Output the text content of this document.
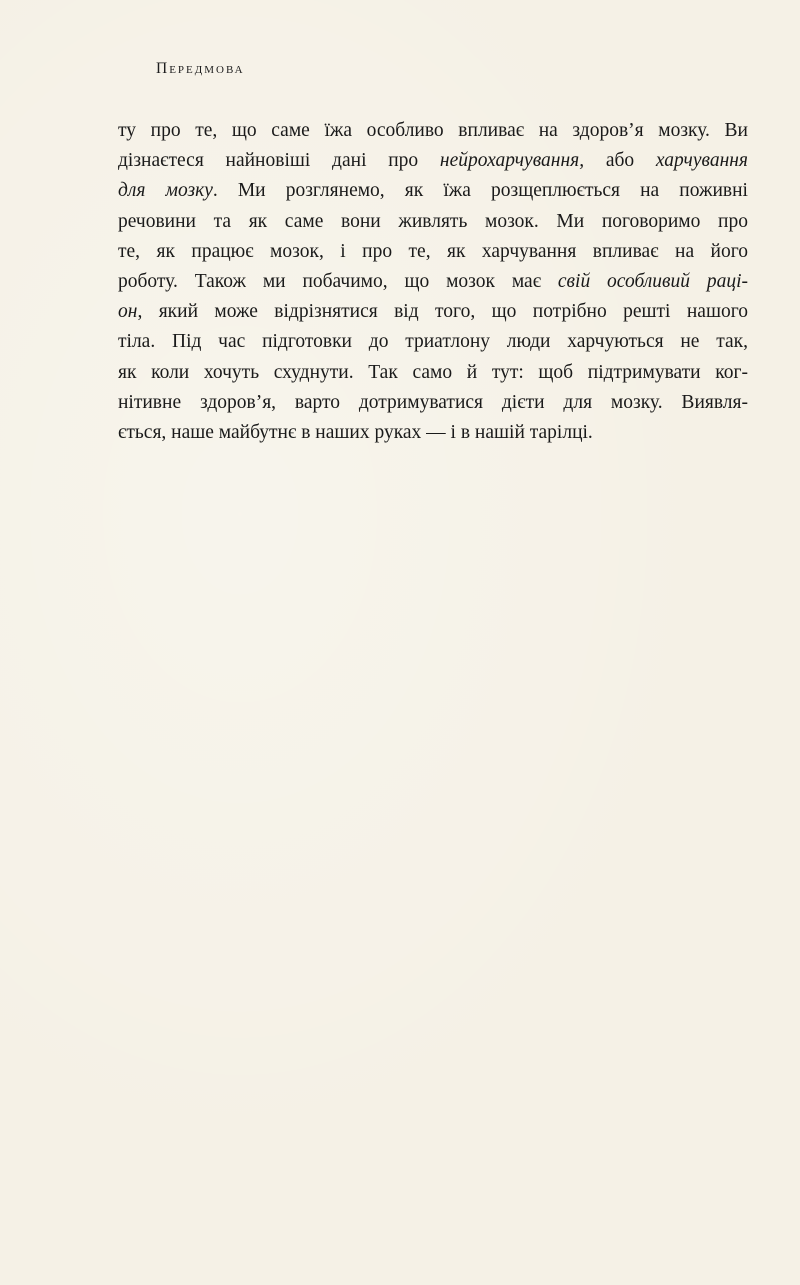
Передмова

ту про те, що саме їжа особливо впливає на здоров’я мозку. Ви
дізнаєтеся найновіші дані про нейрохарчування, або харчування
для мозку. Ми розглянемо, як їжа розщеплюється на поживні
речовини та як саме вони живлять мозок. Ми поговоримо про
те, як працює мозок, і про те, як харчування впливає на його
роботу. Також ми побачимо, що мозок має свій особливий раці-
он, який може відрізнятися від того, що потрібно решті нашого
тіла. Під час підготовки до триатлону люди харчуються не так,
як коли хочуть схуднути. Так само й тут: щоб підтримувати ког-
нітивне здоров’я, варто дотримуватися дієти для мозку. Виявля-
ється, наше майбутнє в наших руках — і в нашій тарілці.
